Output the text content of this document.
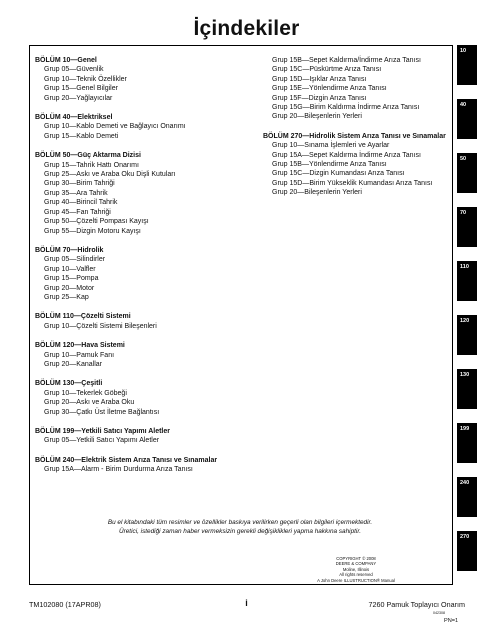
İçindekiler
BÖLÜM 10—Genel
Grup 05—Güvenlik
Grup 10—Teknik Özellikler
Grup 15—Genel Bilgiler
Grup 20—Yağlayıcılar
BÖLÜM 40—Elektriksel
Grup 10—Kablo Demeti ve Bağlayıcı Onarımı
Grup 15—Kablo Demeti
BÖLÜM 50—Güç Aktarma Dizisi
Grup 15—Tahrik Hattı Onarımı
Grup 25—Askı ve Araba Oku Dişli Kutuları
Grup 30—Birim Tahriği
Grup 35—Ara Tahrik
Grup 40—Birincil Tahrik
Grup 45—Fan Tahriği
Grup 50—Çözelti Pompası Kayışı
Grup 55—Dizgin Motoru Kayışı
BÖLÜM 70—Hidrolik
Grup 05—Silindirler
Grup 10—Valfler
Grup 15—Pompa
Grup 20—Motor
Grup 25—Kap
BÖLÜM 110—Çözelti Sistemi
Grup 10—Çözelti Sistemi Bileşenleri
BÖLÜM 120—Hava Sistemi
Grup 10—Pamuk Fanı
Grup 20—Kanallar
BÖLÜM 130—Çeşitli
Grup 10—Tekerlek Göbeği
Grup 20—Askı ve Araba Oku
Grup 30—Çatkı Üst İletme Bağlantısı
BÖLÜM 199—Yetkili Satıcı Yapımı Aletler
Grup 05—Yetkili Satıcı Yapımı Aletler
BÖLÜM 240—Elektrik Sistem Arıza Tanısı ve Sınamalar
Grup 15A—Alarm - Birim Durdurma Arıza Tanısı
Grup 15B—Sepet Kaldırma/İndirme Arıza Tanısı
Grup 15C—Püskürtme Arıza Tanısı
Grup 15D—Işıklar Arıza Tanısı
Grup 15E—Yönlendirme Arıza Tanısı
Grup 15F—Dizgin Arıza Tanısı
Grup 15G—Birim Kaldırma İndirme Arıza Tanısı
Grup 20—Bileşenlerin Yerleri
BÖLÜM 270—Hidrolik Sistem Arıza Tanısı ve Sınamalar
Grup 10—Sınama İşlemleri ve Ayarlar
Grup 15A—Sepet Kaldırma İndirme Arıza Tanısı
Grup 15B—Yönlendirme Arıza Tanısı
Grup 15C—Dizgin Kumandası Arıza Tanısı
Grup 15D—Birim Yükseklik Kumandası Arıza Tanısı
Grup 20—Bileşenlerin Yerleri
10
40
50
70
110
120
130
199
240
270
Bu el kitabındaki tüm resimler ve özellikler baskıya verilirken geçerli olan bilgileri içermektedir. Üretici, istediği zaman haber vermeksizin gerekli değişiklikleri yapma hakkına sahiptir.
COPYRIGHT © 2008
DEERE & COMPANY
Moline, Illinois
All rights reserved
A John Deere ILLUSTRUCTION® Manual
TM102080 (17APR08)	i	7260 Pamuk Toplayıcı Onarım
042308
PN=1
